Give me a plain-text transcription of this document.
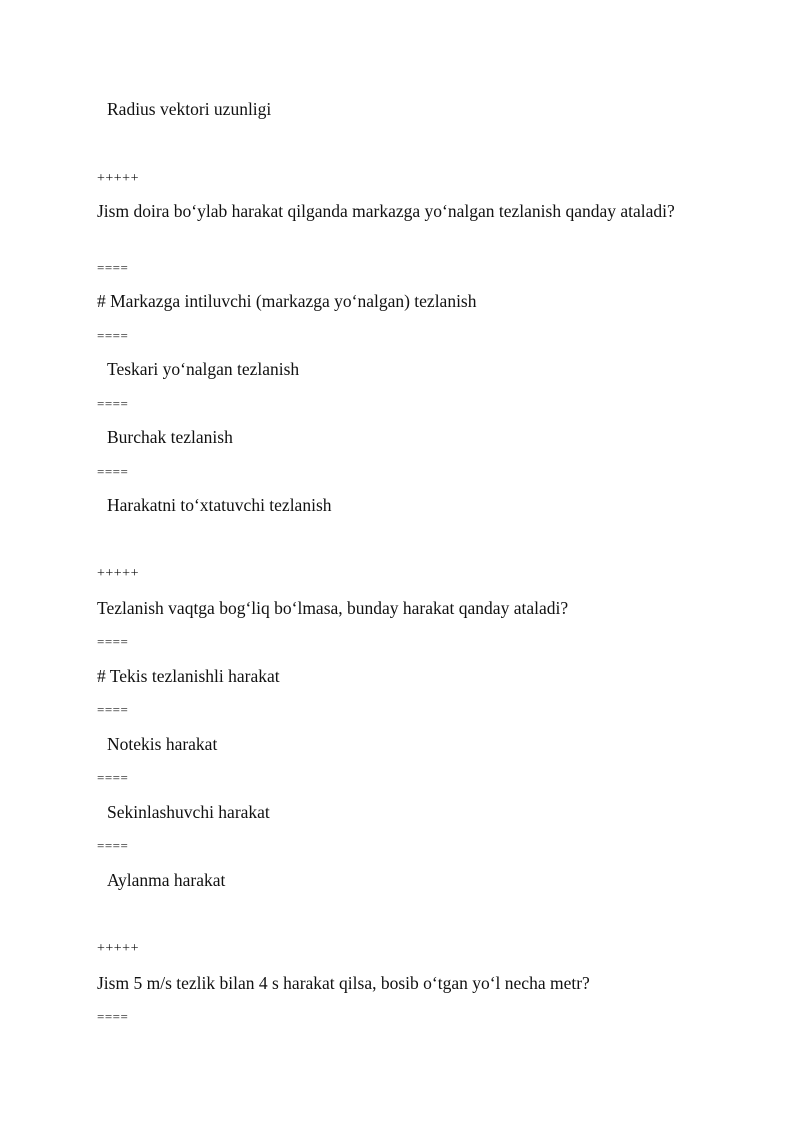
Radius vektori uzunligi
+++++
Jism doira bo‘ylab harakat qilganda markazga yo‘nalgan tezlanish qanday ataladi?
====
# Markazga intiluvchi (markazga yo‘nalgan) tezlanish
====
Teskari yo‘nalgan tezlanish
====
Burchak tezlanish
====
Harakatni to‘xtatuvchi tezlanish
+++++
Tezlanish vaqtga bog‘liq bo‘lmasa, bunday harakat qanday ataladi?
====
# Tekis tezlanishli harakat
====
Notekis harakat
====
Sekinlashuvchi harakat
====
Aylanma harakat
+++++
Jism 5 m/s tezlik bilan 4 s harakat qilsa, bosib o‘tgan yo‘l necha metr?
====
